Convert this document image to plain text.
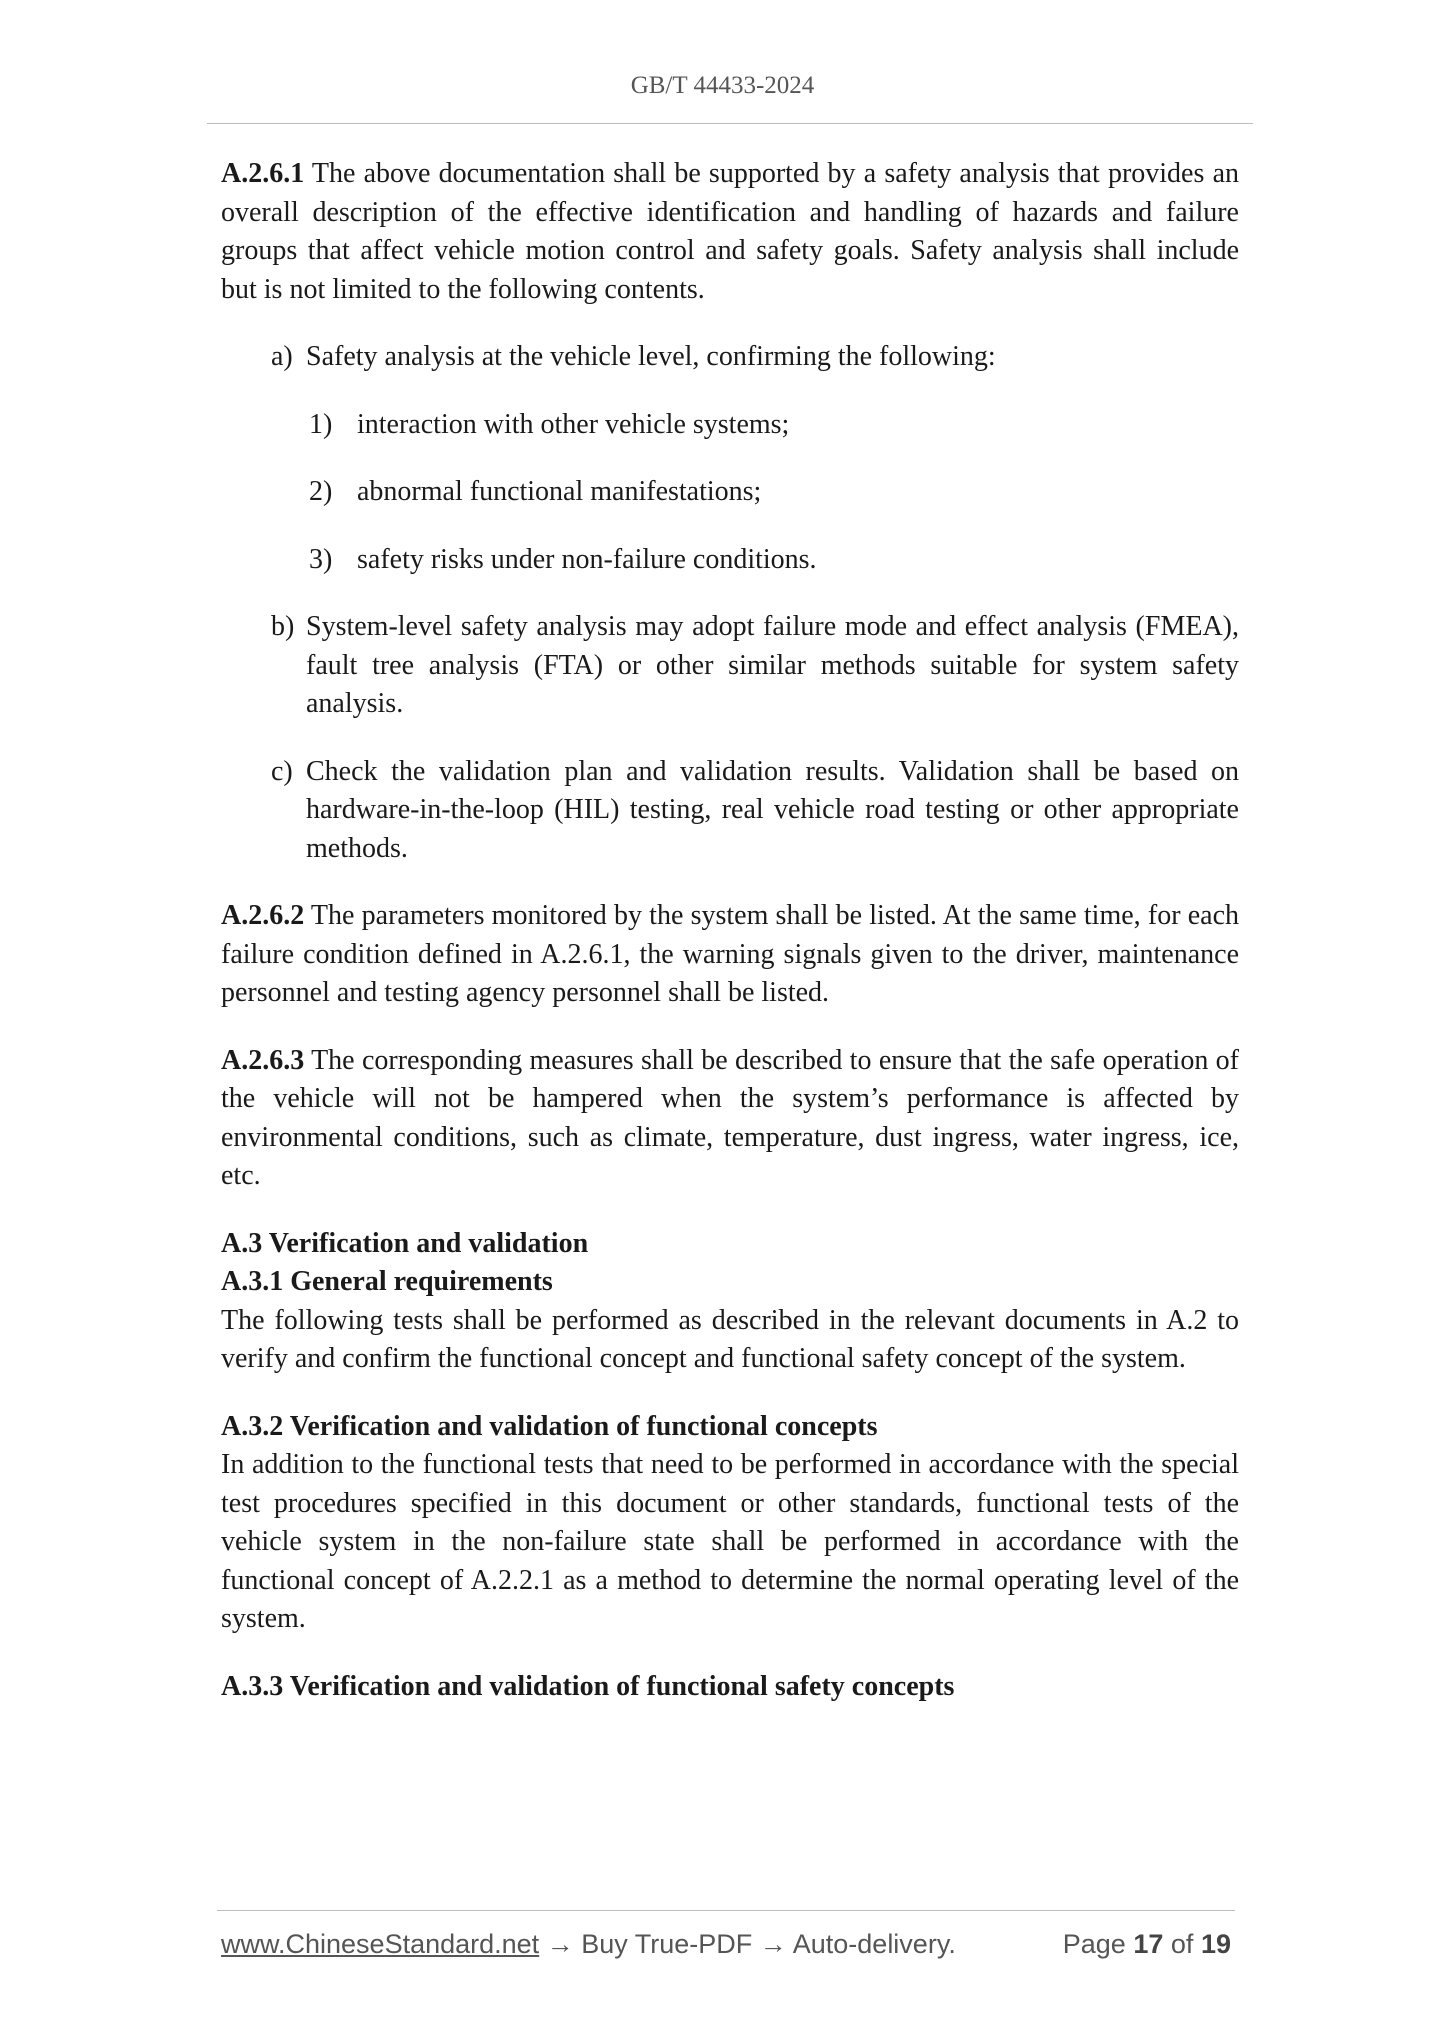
GB/T 44433-2024

A.2.6.1 The above documentation shall be supported by a safety analysis that provides an overall description of the effective identification and handling of hazards and failure groups that affect vehicle motion control and safety goals. Safety analysis shall include but is not limited to the following contents.

a) Safety analysis at the vehicle level, confirming the following:
1) interaction with other vehicle systems;
2) abnormal functional manifestations;
3) safety risks under non-failure conditions.
b) System-level safety analysis may adopt failure mode and effect analysis (FMEA), fault tree analysis (FTA) or other similar methods suitable for system safety analysis.
c) Check the validation plan and validation results. Validation shall be based on hardware-in-the-loop (HIL) testing, real vehicle road testing or other appropriate methods.

A.2.6.2 The parameters monitored by the system shall be listed. At the same time, for each failure condition defined in A.2.6.1, the warning signals given to the driver, maintenance personnel and testing agency personnel shall be listed.

A.2.6.3 The corresponding measures shall be described to ensure that the safe operation of the vehicle will not be hampered when the system’s performance is affected by environmental conditions, such as climate, temperature, dust ingress, water ingress, ice, etc.

A.3 Verification and validation

A.3.1 General requirements

The following tests shall be performed as described in the relevant documents in A.2 to verify and confirm the functional concept and functional safety concept of the system.

A.3.2 Verification and validation of functional concepts

In addition to the functional tests that need to be performed in accordance with the special test procedures specified in this document or other standards, functional tests of the vehicle system in the non-failure state shall be performed in accordance with the functional concept of A.2.2.1 as a method to determine the normal operating level of the system.

A.3.3 Verification and validation of functional safety concepts

www.ChineseStandard.net → Buy True-PDF → Auto-delivery.	Page 17 of 19
